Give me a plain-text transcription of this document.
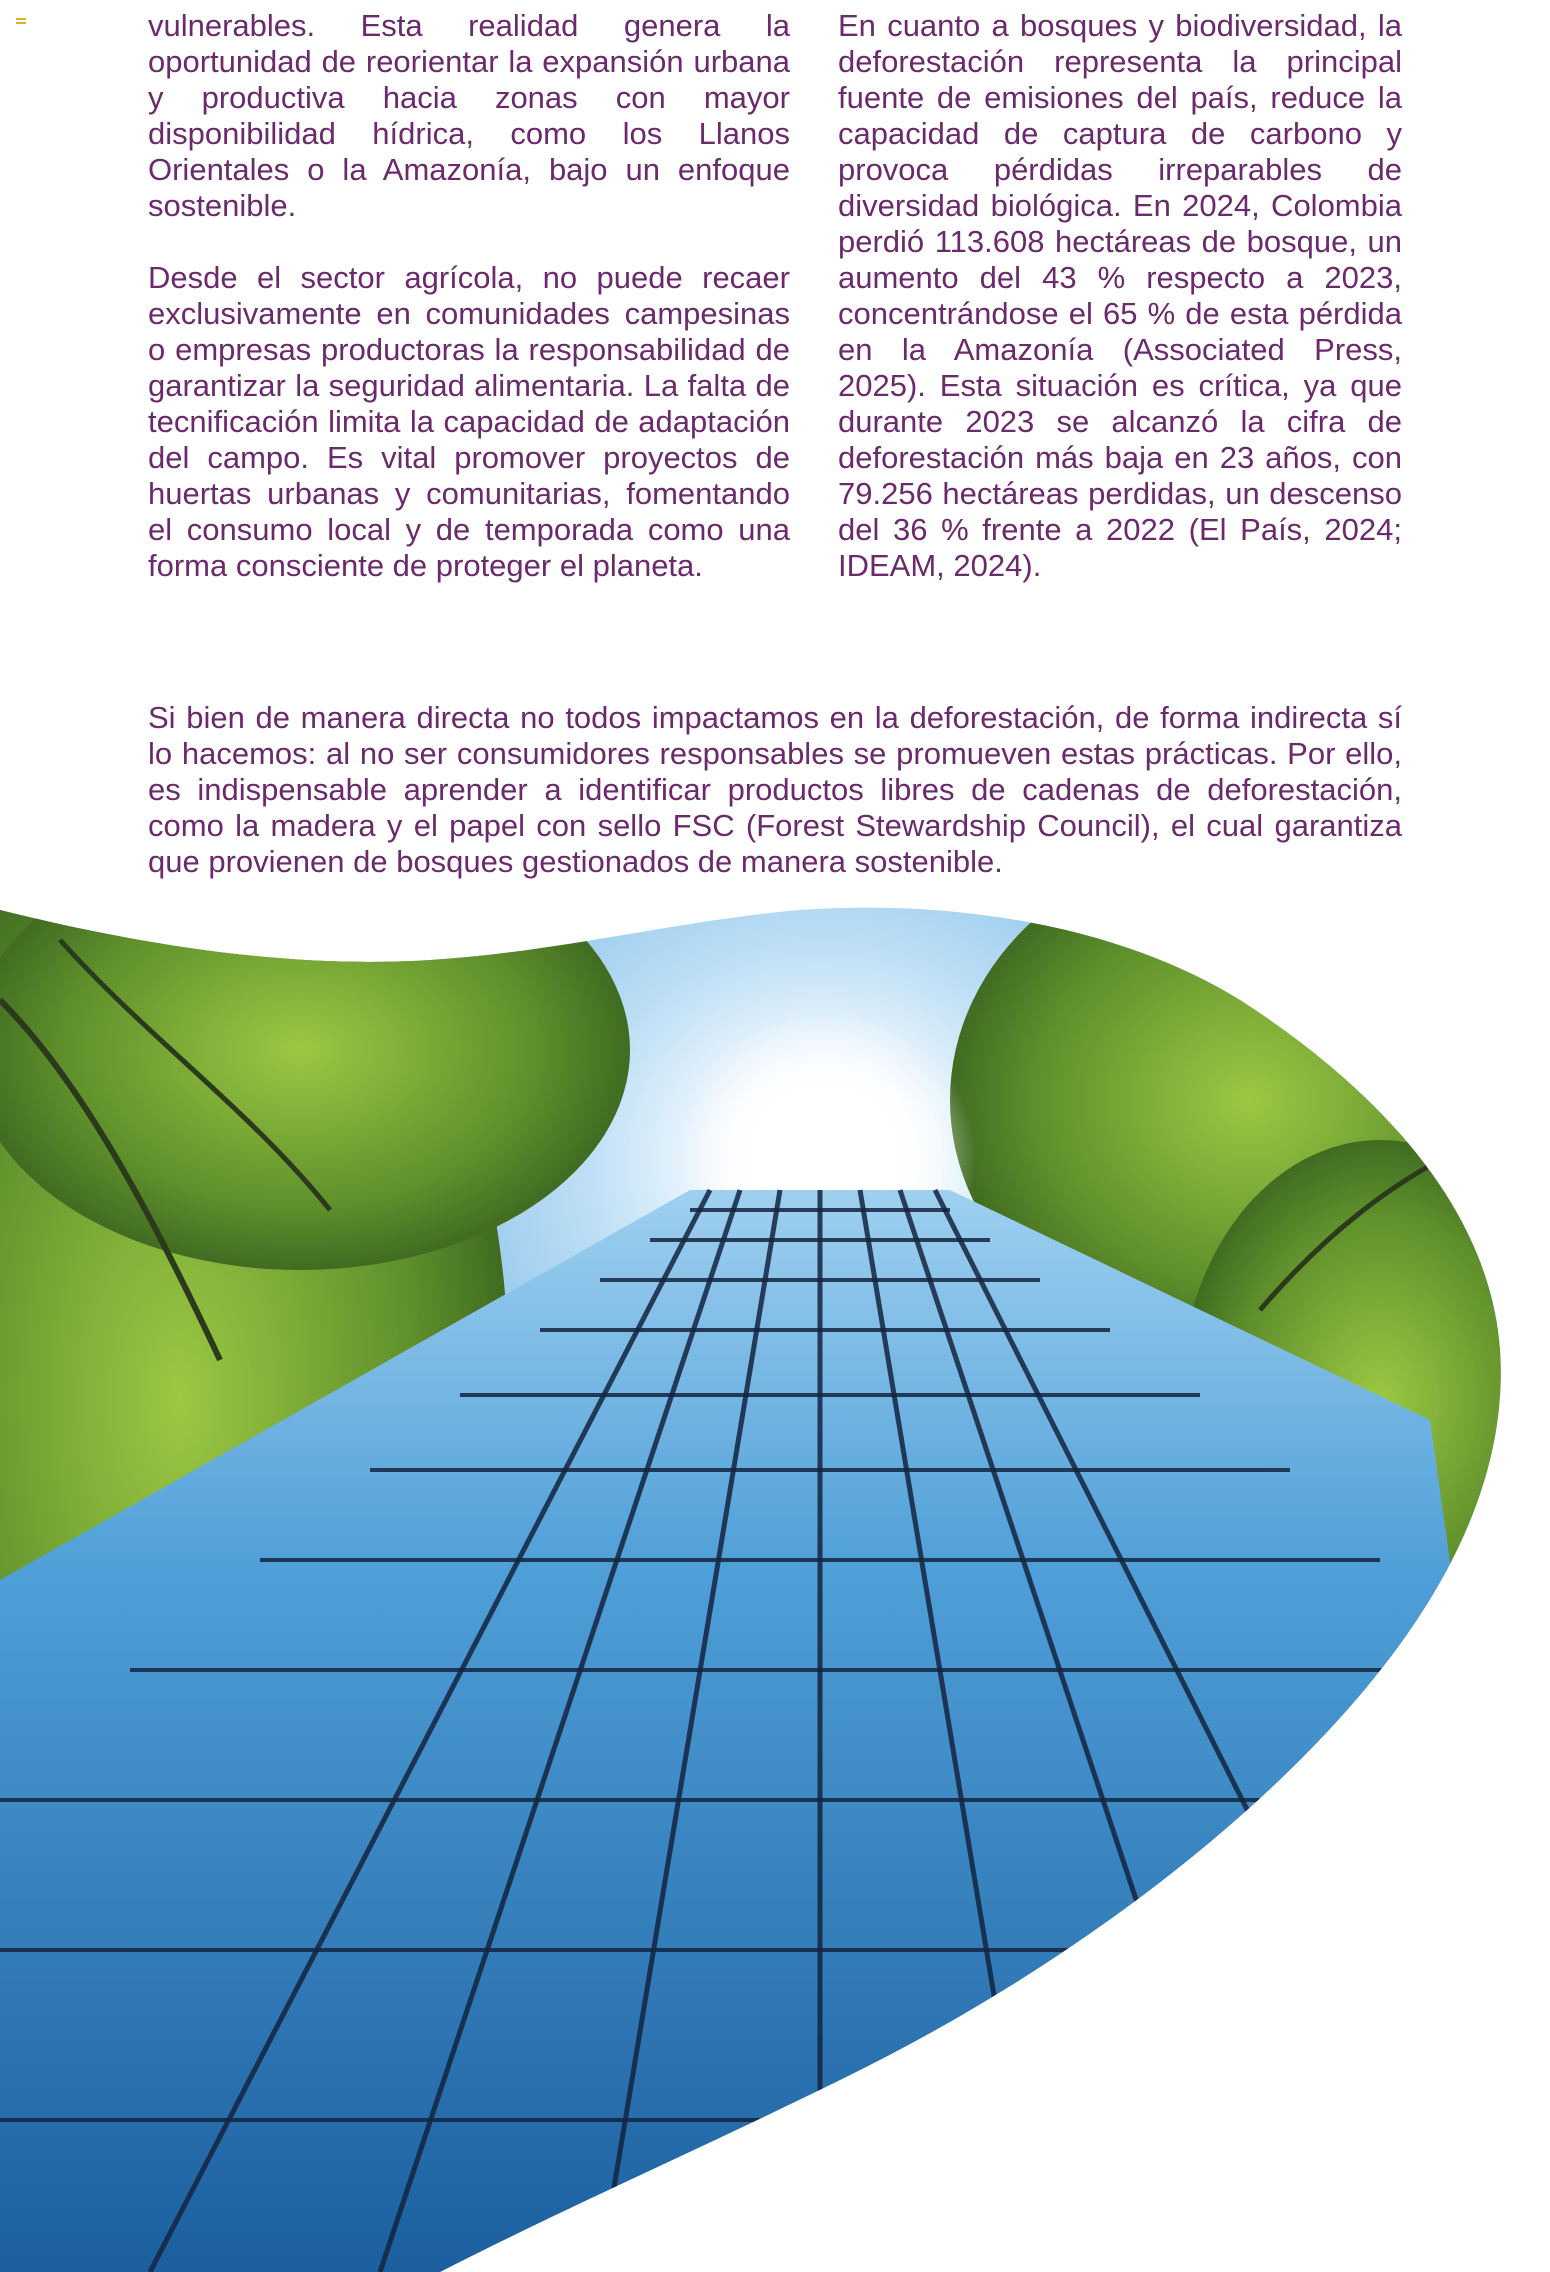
vulnerables. Esta realidad genera la oportunidad de reorientar la expansión urbana y productiva hacia zonas con mayor disponibilidad hídrica, como los Llanos Orientales o la Amazonía, bajo un enfoque sostenible.

Desde el sector agrícola, no puede recaer exclusivamente en comunidades campesinas o empresas productoras la responsabilidad de garantizar la seguridad alimentaria. La falta de tecnificación limita la capacidad de adaptación del campo. Es vital promover proyectos de huertas urbanas y comunitarias, fomentando el consumo local y de temporada como una forma consciente de proteger el planeta.

En cuanto a bosques y biodiversidad, la deforestación representa la principal fuente de emisiones del país, reduce la capacidad de captura de carbono y provoca pérdidas irreparables de diversidad biológica. En 2024, Colombia perdió 113.608 hectáreas de bosque, un aumento del 43 % respecto a 2023, concentrándose el 65 % de esta pérdida en la Amazonía (Associated Press, 2025). Esta situación es crítica, ya que durante 2023 se alcanzó la cifra de deforestación más baja en 23 años, con 79.256 hectáreas perdidas, un descenso del 36 % frente a 2022 (El País, 2024; IDEAM, 2024).

Si bien de manera directa no todos impactamos en la deforestación, de forma indirecta sí lo hacemos: al no ser consumidores responsables se promueven estas prácticas. Por ello, es indispensable aprender a identificar productos libres de cadenas de deforestación, como la madera y el papel con sello FSC (Forest Stewardship Council), el cual garantiza que provienen de bosques gestionados de manera sostenible.
